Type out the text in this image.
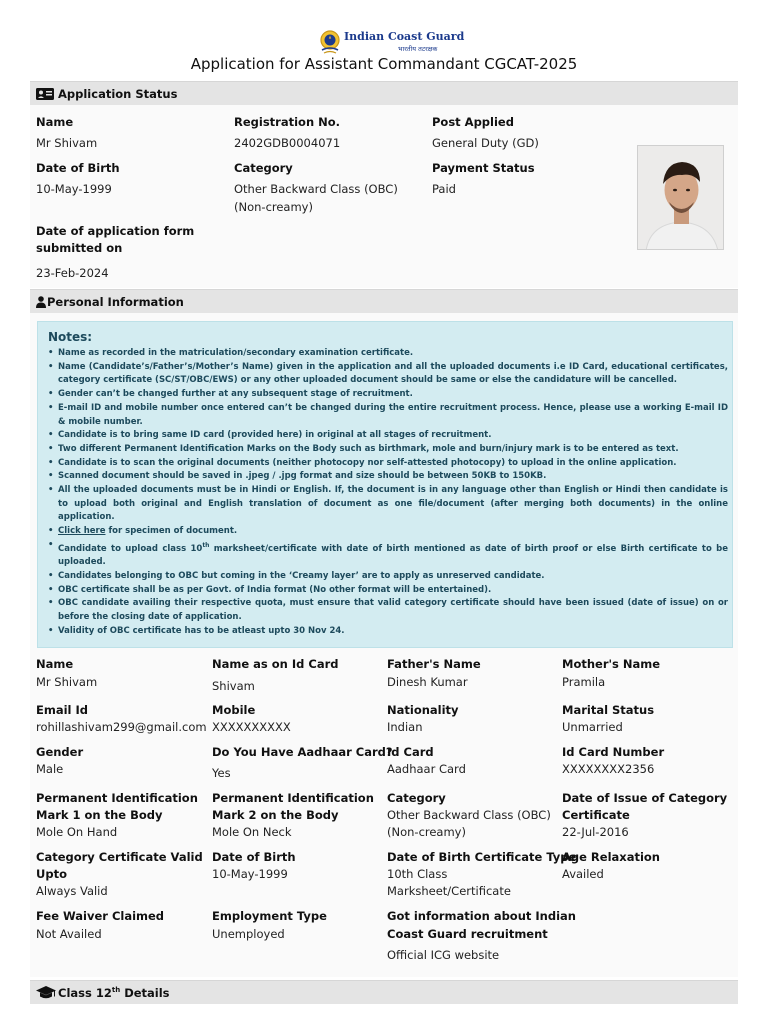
Indian Coast Guard
भारतीय तटरक्षक
Application for Assistant Commandant CGCAT-2025
Application Status
Name
Mr Shivam
Registration No.
2402GDB0004071
Post Applied
General Duty (GD)
Date of Birth
10-May-1999
Category
Other Backward Class (OBC)
(Non-creamy)
Payment Status
Paid
Date of application form
submitted on
23-Feb-2024
Personal Information
Notes:
• Name as recorded in the matriculation/secondary examination certificate.
• Name (Candidate’s/Father’s/Mother’s Name) given in the application and all the uploaded documents i.e ID Card, educational certificates, category certificate (SC/ST/OBC/EWS) or any other uploaded document should be same or else the candidature will be cancelled.
• Gender can’t be changed further at any subsequent stage of recruitment.
• E-mail ID and mobile number once entered can’t be changed during the entire recruitment process. Hence, please use a working E-mail ID & mobile number.
• Candidate is to bring same ID card (provided here) in original at all stages of recruitment.
• Two different Permanent Identification Marks on the Body such as birthmark, mole and burn/injury mark is to be entered as text.
• Candidate is to scan the original documents (neither photocopy nor self-attested photocopy) to upload in the online application.
• Scanned document should be saved in .jpeg / .jpg format and size should be between 50KB to 150KB.
• All the uploaded documents must be in Hindi or English. If, the document is in any language other than English or Hindi then candidate is to upload both original and English translation of document as one file/document (after merging both documents) in the online application.
• Click here for specimen of document.
• Candidate to upload class 10th marksheet/certificate with date of birth mentioned as date of birth proof or else Birth certificate to be uploaded.
• Candidates belonging to OBC but coming in the ‘Creamy layer’ are to apply as unreserved candidate.
• OBC certificate shall be as per Govt. of India format (No other format will be entertained).
• OBC candidate availing their respective quota, must ensure that valid category certificate should have been issued (date of issue) on or before the closing date of application.
• Validity of OBC certificate has to be atleast upto 30 Nov 24.
Name
Mr Shivam
Name as on Id Card
Shivam
Father's Name
Dinesh Kumar
Mother's Name
Pramila
Email Id
rohillashivam299@gmail.com
Mobile
XXXXXXXXXX
Nationality
Indian
Marital Status
Unmarried
Gender
Male
Do You Have Aadhaar Card?
Yes
Id Card
Aadhaar Card
Id Card Number
XXXXXXXX2356
Permanent Identification
Mark 1 on the Body
Mole On Hand
Permanent Identification
Mark 2 on the Body
Mole On Neck
Category
Other Backward Class (OBC)
(Non-creamy)
Date of Issue of Category
Certificate
22-Jul-2016
Category Certificate Valid
Upto
Always Valid
Date of Birth
10-May-1999
Date of Birth Certificate Type
10th Class
Marksheet/Certificate
Age Relaxation
Availed
Fee Waiver Claimed
Not Availed
Employment Type
Unemployed
Got information about Indian
Coast Guard recruitment
Official ICG website
Class 12th Details
